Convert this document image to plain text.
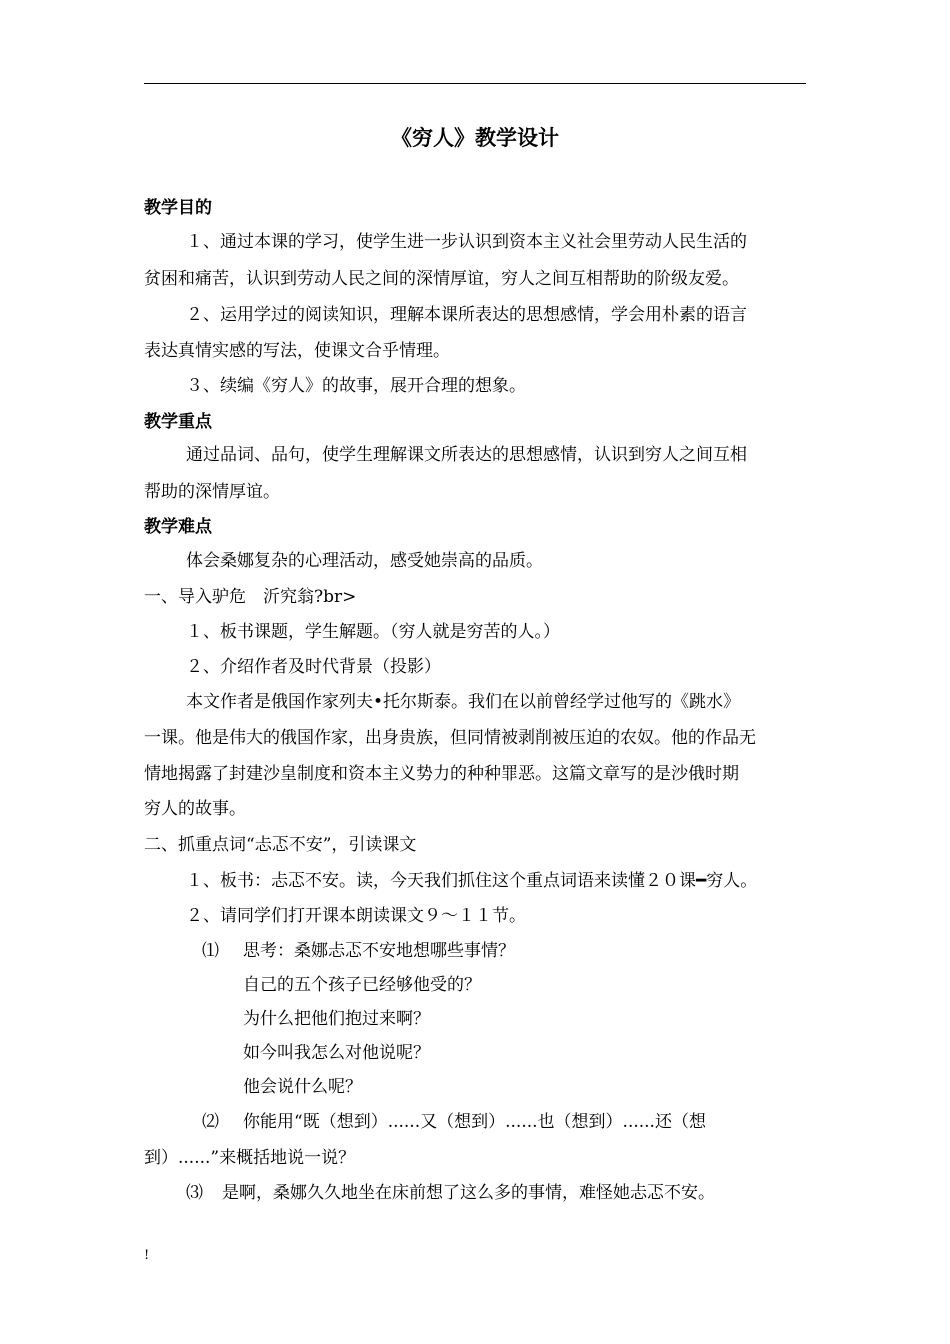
《穷人》教学设计
教学目的
１、通过本课的学习，使学生进一步认识到资本主义社会里劳动人民生活的
贫困和痛苦，认识到劳动人民之间的深情厚谊，穷人之间互相帮助的阶级友爱。
２、运用学过的阅读知识，理解本课所表达的思想感情，学会用朴素的语言
表达真情实感的写法，使课文合乎情理。
３、续编《穷人》的故事，展开合理的想象。
教学重点
通过品词、品句，使学生理解课文所表达的思想感情，认识到穷人之间互相
帮助的深情厚谊。
教学难点
体会桑娜复杂的心理活动，感受她崇高的品质。
一、导入驴危　沂究翁?br>
１、板书课题，学生解题。（穷人就是穷苦的人。）
２、介绍作者及时代背景（投影）
本文作者是俄国作家列夫•托尔斯泰。我们在以前曾经学过他写的《跳水》
一课。他是伟大的俄国作家，出身贵族，但同情被剥削被压迫的农奴。他的作品无
情地揭露了封建沙皇制度和资本主义势力的种种罪恶。这篇文章写的是沙俄时期
穷人的故事。
二、抓重点词“忐忑不安”，引读课文
１、板书：忐忑不安。读，今天我们抓住这个重点词语来读懂２０课━穷人。
２、请同学们打开课本朗读课文９～１１节。
⑴ 思考：桑娜忐忑不安地想哪些事情？
自己的五个孩子已经够他受的？
为什么把他们抱过来啊？
如今叫我怎么对他说呢？
他会说什么呢？
⑵ 你能用“既（想到）......又（想到）......也（想到）......还（想
到）......”来概括地说一说？
⑶ 是啊，桑娜久久地坐在床前想了这么多的事情，难怪她忐忑不安。
!
